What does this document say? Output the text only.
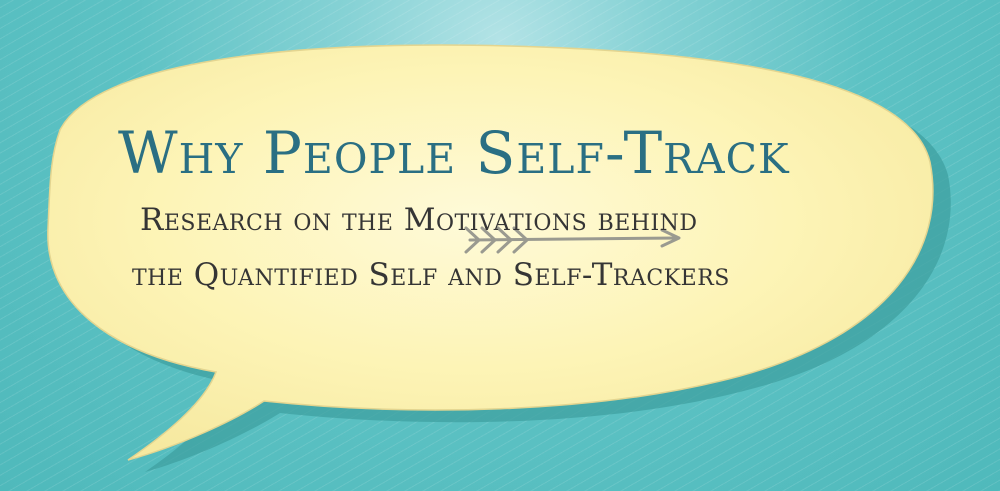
Why People Self-Track

Research on the Motivations behind

the Quantified Self and Self-Trackers
